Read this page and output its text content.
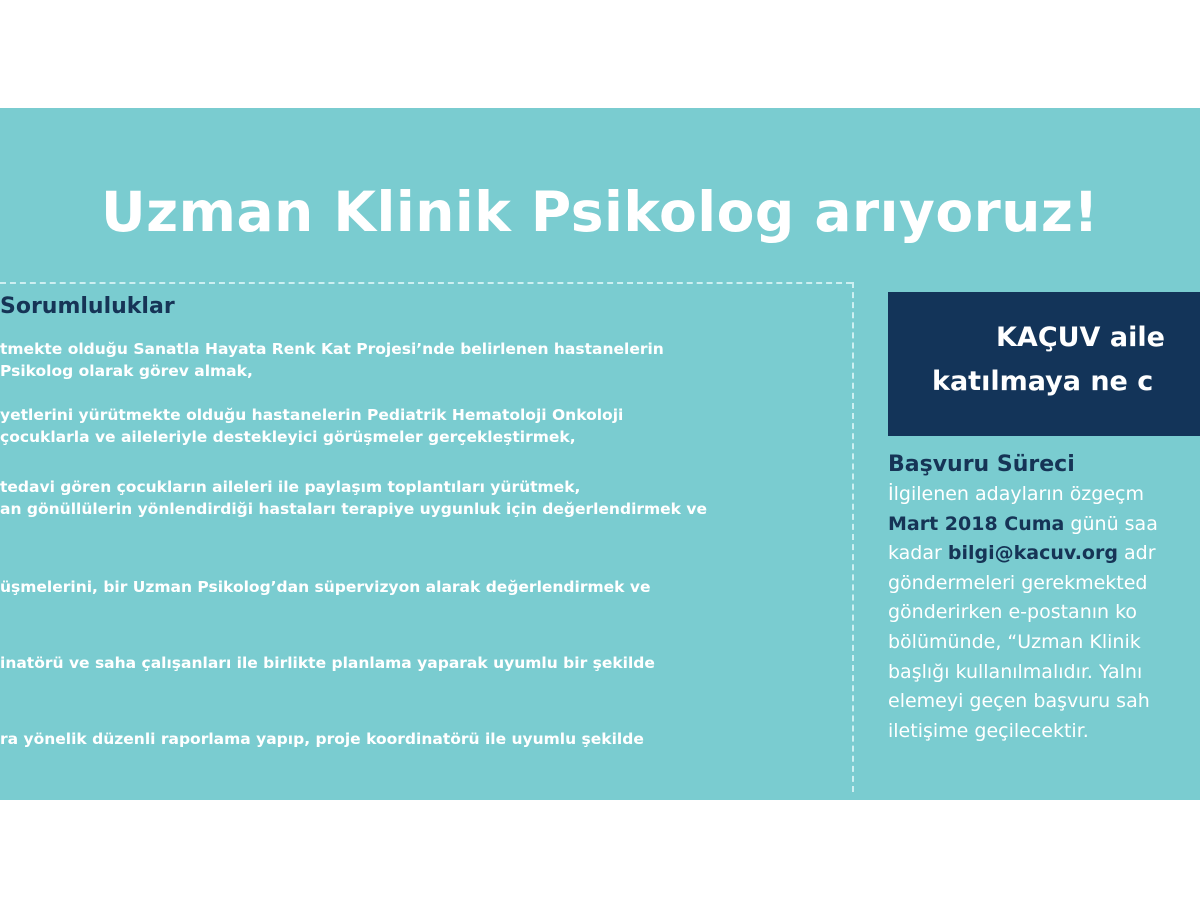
Uzman Klinik Psikolog arıyoruz!
Sorumluluklar

tmekte olduğu Sanatla Hayata Renk Kat Projesi’nde belirlenen hastanelerin
Psikolog olarak görev almak,

yetlerini yürütmekte olduğu hastanelerin Pediatrik Hematoloji Onkoloji
çocuklarla ve aileleriyle destekleyici görüşmeler gerçekleştirmek,

tedavi gören çocukların aileleri ile paylaşım toplantıları yürütmek,
an gönüllülerin yönlendirdiği hastaları terapiye uygunluk için değerlendirmek ve

üşmelerini, bir Uzman Psikolog’dan süpervizyon alarak değerlendirmek ve

inatörü ve saha çalışanları ile birlikte planlama yaparak uyumlu bir şekilde

ra yönelik düzenli raporlama yapıp, proje koordinatörü ile uyumlu şekilde

KAÇUV aile
katılmaya ne c
Başvuru Süreci
İlgilenen adayların özgeçm
Mart 2018 Cuma günü saa
kadar bilgi@kacuv.org adr
göndermeleri gerekmekted
gönderirken e-postanın ko
bölümünde, “Uzman Klinik
başlığı kullanılmalıdır. Yalnı
elemeyi geçen başvuru sah
iletişime geçilecektir.
